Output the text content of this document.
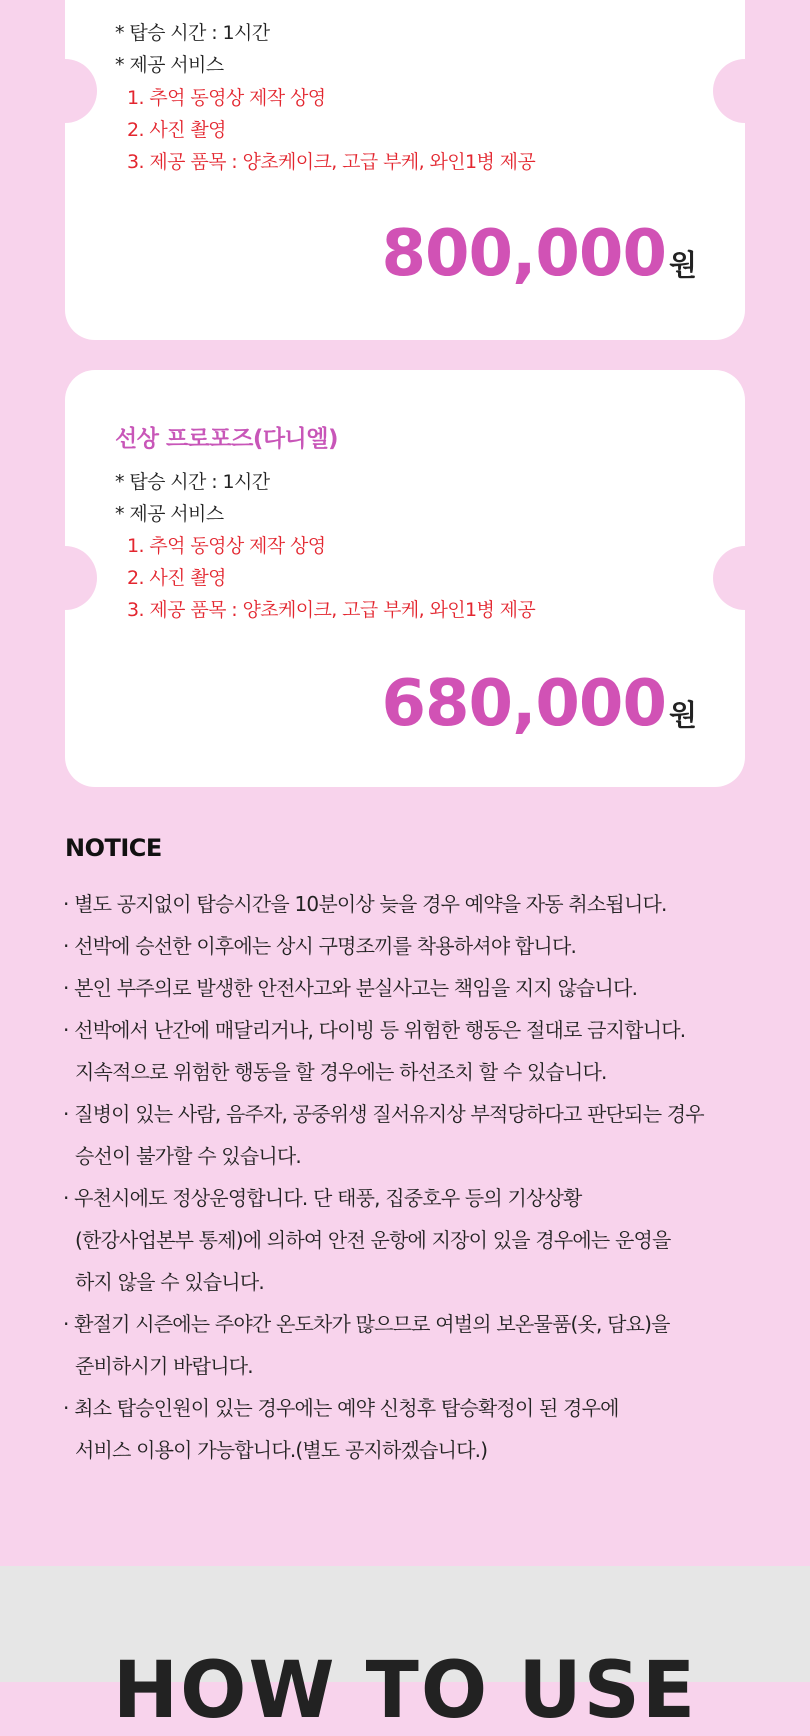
* 탑승 시간 : 1시간
* 제공 서비스
1. 추억 동영상 제작 상영
2. 사진 촬영
3. 제공 품목 : 양초케이크, 고급 부케, 와인1병 제공
800,000 원
선상 프로포즈(다니엘)
* 탑승 시간 : 1시간
* 제공 서비스
1. 추억 동영상 제작 상영
2. 사진 촬영
3. 제공 품목 : 양초케이크, 고급 부케, 와인1병 제공
680,000 원
NOTICE
· 별도 공지없이 탑승시간을 10분이상 늦을 경우 예약을 자동 취소됩니다.
· 선박에 승선한 이후에는 상시 구명조끼를 착용하셔야 합니다.
· 본인 부주의로 발생한 안전사고와 분실사고는 책임을 지지 않습니다.
· 선박에서 난간에 매달리거나, 다이빙 등 위험한 행동은 절대로 금지합니다.
지속적으로 위험한 행동을 할 경우에는 하선조치 할 수 있습니다.
· 질병이 있는 사람, 음주자, 공중위생 질서유지상 부적당하다고 판단되는 경우
승선이 불가할 수 있습니다.
· 우천시에도 정상운영합니다. 단 태풍, 집중호우 등의 기상상황
(한강사업본부 통제)에 의하여 안전 운항에 지장이 있을 경우에는 운영을
하지 않을 수 있습니다.
· 환절기 시즌에는 주야간 온도차가 많으므로 여벌의 보온물품(옷, 담요)을
준비하시기 바랍니다.
· 최소 탑승인원이 있는 경우에는 예약 신청후 탑승확정이 된 경우에
서비스 이용이 가능합니다.(별도 공지하겠습니다.)
HOW TO USE
